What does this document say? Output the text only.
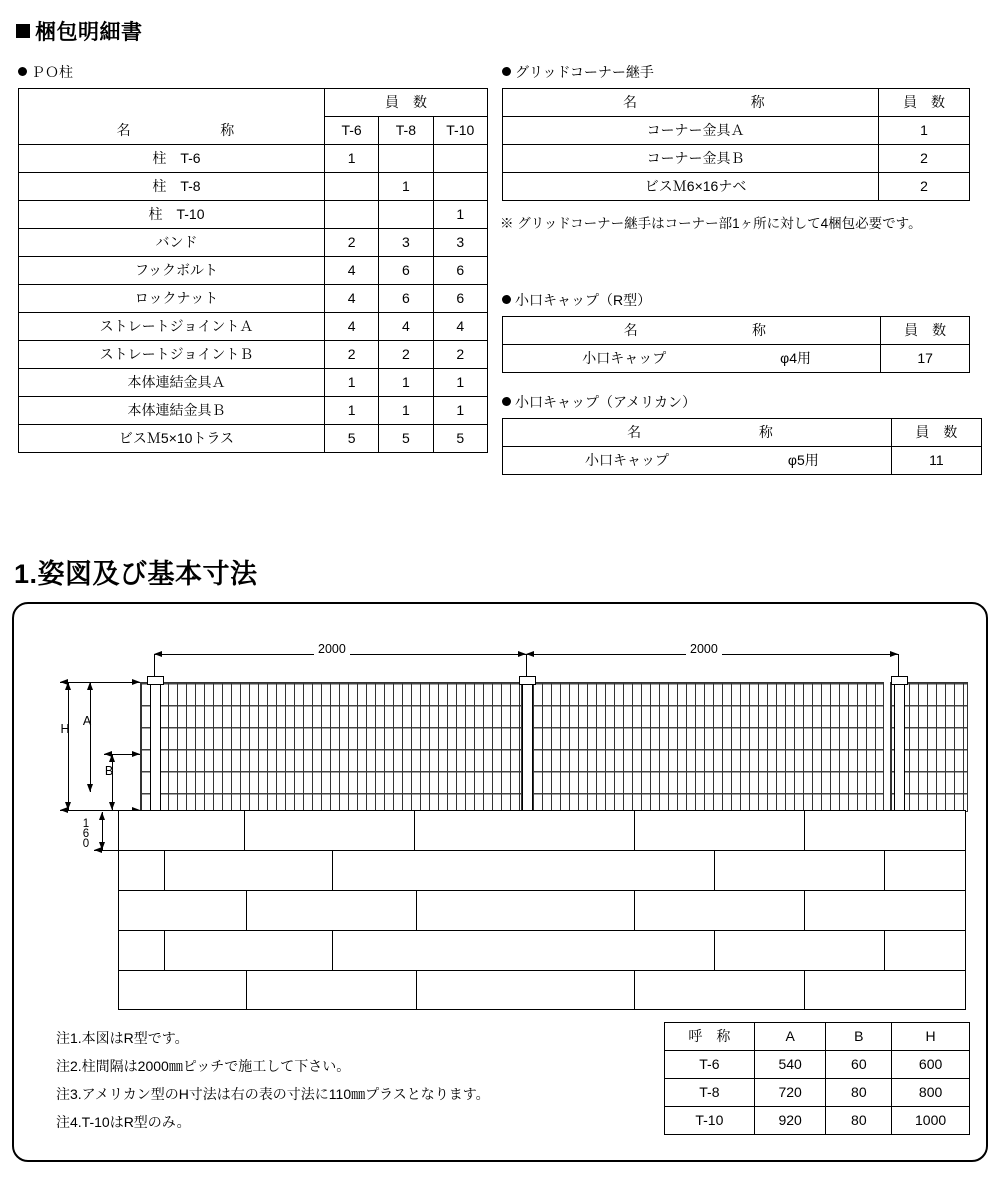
梱包明細書
ＰＯ柱
名 称	員　数		
	T-6	T-8	T-10
柱　T-6	1		
柱　T-8		1	
柱　T-10			1
バンド	2	3	3
フックボルト	4	6	6
ロックナット	4	6	6
ストレートジョイントＡ	4	4	4
ストレートジョイントＢ	2	2	2
本体連結金具Ａ	1	1	1
本体連結金具Ｂ	1	1	1
ビスＭ5×10トラス	5	5	5
グリッドコーナー継手
名 称	員　数
コーナー金具Ａ	1
コーナー金具Ｂ	2
ビスＭ6×16ナベ	2
※ グリッドコーナー継手はコーナー部1ヶ所に対して4梱包必要です。
小口キャップ（R型）
名 称	員　数
小口キャップ φ4用	17
小口キャップ（アメリカン）
名 称	員　数
小口キャップ φ5用	11
1.姿図及び基本寸法
2000	2000
H
A
B
160
注1.本図はR型です。
注2.柱間隔は2000㎜ピッチで施工して下さい。
注3.アメリカン型のH寸法は右の表の寸法に110㎜プラスとなります。
注4.T-10はR型のみ。
呼　称	A	B	H
T-6	540	60	600
T-8	720	80	800
T-10	920	80	1000
